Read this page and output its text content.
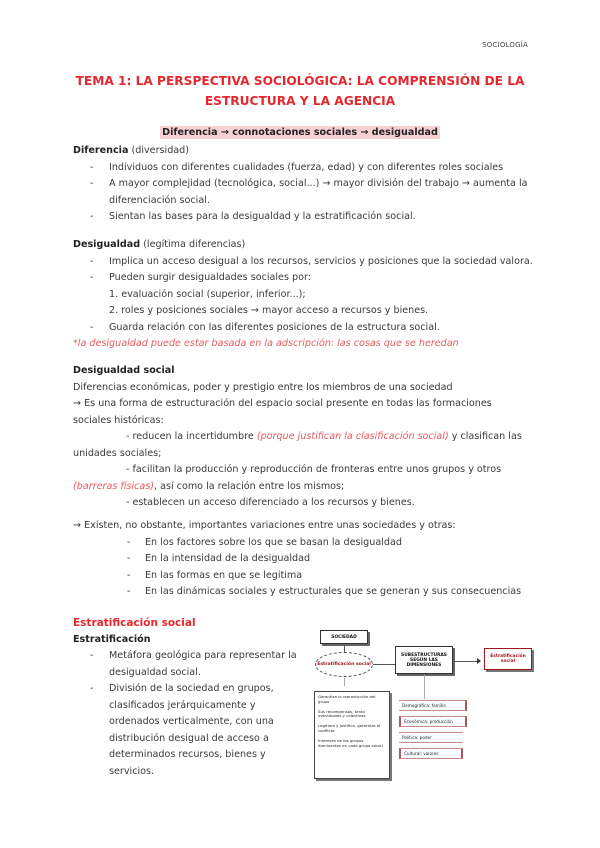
SOCIOLOGÍA
TEMA 1: LA PERSPECTIVA SOCIOLÓGICA: LA COMPRENSIÓN DE LA
ESTRUCTURA Y LA AGENCIA
Diferencia → connotaciones sociales → desigualdad
Diferencia (diversidad)
- Individuos con diferentes cualidades (fuerza, edad) y con diferentes roles sociales
- A mayor complejidad (tecnológica, social...) → mayor división del trabajo → aumenta la diferenciación social.
- Sientan las bases para la desigualdad y la estratificación social.
Desigualdad (legítima diferencias)
- Implica un acceso desigual a los recursos, servicios y posiciones que la sociedad valora.
- Pueden surgir desigualdades sociales por:
1. evaluación social (superior, inferior...);
2. roles y posiciones sociales → mayor acceso a recursos y bienes.
- Guarda relación con las diferentes posiciones de la estructura social.
*la desigualdad puede estar basada en la adscripción: las cosas que se heredan
Desigualdad social
Diferencias económicas, poder y prestigio entre los miembros de una sociedad
→ Es una forma de estructuración del espacio social presente en todas las formaciones sociales históricas:
- reducen la incertidumbre (porque justifican la clasificación social) y clasifican las unidades sociales;
- facilitan la producción y reproducción de fronteras entre unos grupos y otros (barreras físicas), así como la relación entre los mismos;
- establecen un acceso diferenciado a los recursos y bienes.
→ Existen, no obstante, importantes variaciones entre unas sociedades y otras:
- En los factores sobre los que se basan la desigualdad
- En la intensidad de la desigualdad
- En las formas en que se legitima
- En las dinámicas sociales y estructurales que se generan y sus consecuencias
Estratificación social
Estratificación
- Metáfora geológica para representar la desigualdad social.
- División de la sociedad en grupos, clasificados jerárquicamente y ordenados verticalmente, con una distribución desigual de acceso a determinados recursos, bienes y servicios.
SOCIEDAD
Estratificación social
SUBESTRUCTURAS SEGÚN LAS DIMENSIONES
Estratificación social

Garantiza la reproducción del grupo

Sus recompensas, tanto individuales y colectivas

Legitima y justifica, garantiza el conflicto

Intereses de los grupos dominantes en cada grupo social

Demográfica: familia
Económica: producción
Política: poder
Cultural: valores
